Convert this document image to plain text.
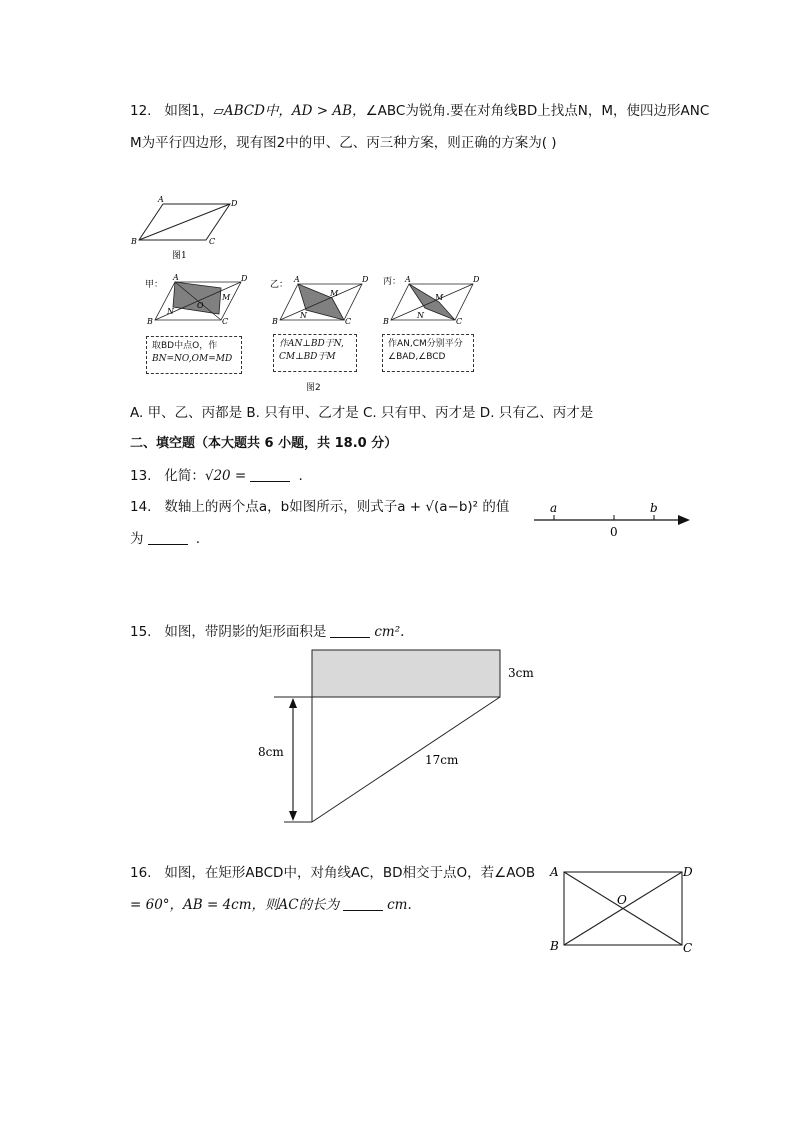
12. 如图1，▱ABCD中，AD > AB，∠ABC为锐角.要在对角线BD上找点N，M，使四边形ANC
M为平行四边形，现有图2中的甲、乙、丙三种方案，则正确的方案为( )
A	D
B	C
图1
甲：
A	D
B	C
M
N
O
取BD中点O，作
BN=NO,OM=MD
乙：
A	D
B	C
M
N
作AN⊥BD于N,
CM⊥BD于M
图2
丙： A	D
B	C
M
N
作AN,CM分别平分
∠BAD,∠BCD
A. 甲、乙、丙都是 B. 只有甲、乙才是 C. 只有甲、丙才是 D. 只有乙、丙才是
二、填空题（本大题共 6 小题，共 18.0 分）
13. 化简：√20 =	.
14. 数轴上的两个点a，b如图所示，则式子a + √(a−b)² 的值
为	.
a	b
0
15. 如图，带阴影的矩形面积是	cm².
3cm
8cm
17cm
16. 如图，在矩形ABCD中，对角线AC，BD相交于点O，若∠AOB
= 60°，AB = 4cm，则AC的长为	cm.
A	D
B	C
O
